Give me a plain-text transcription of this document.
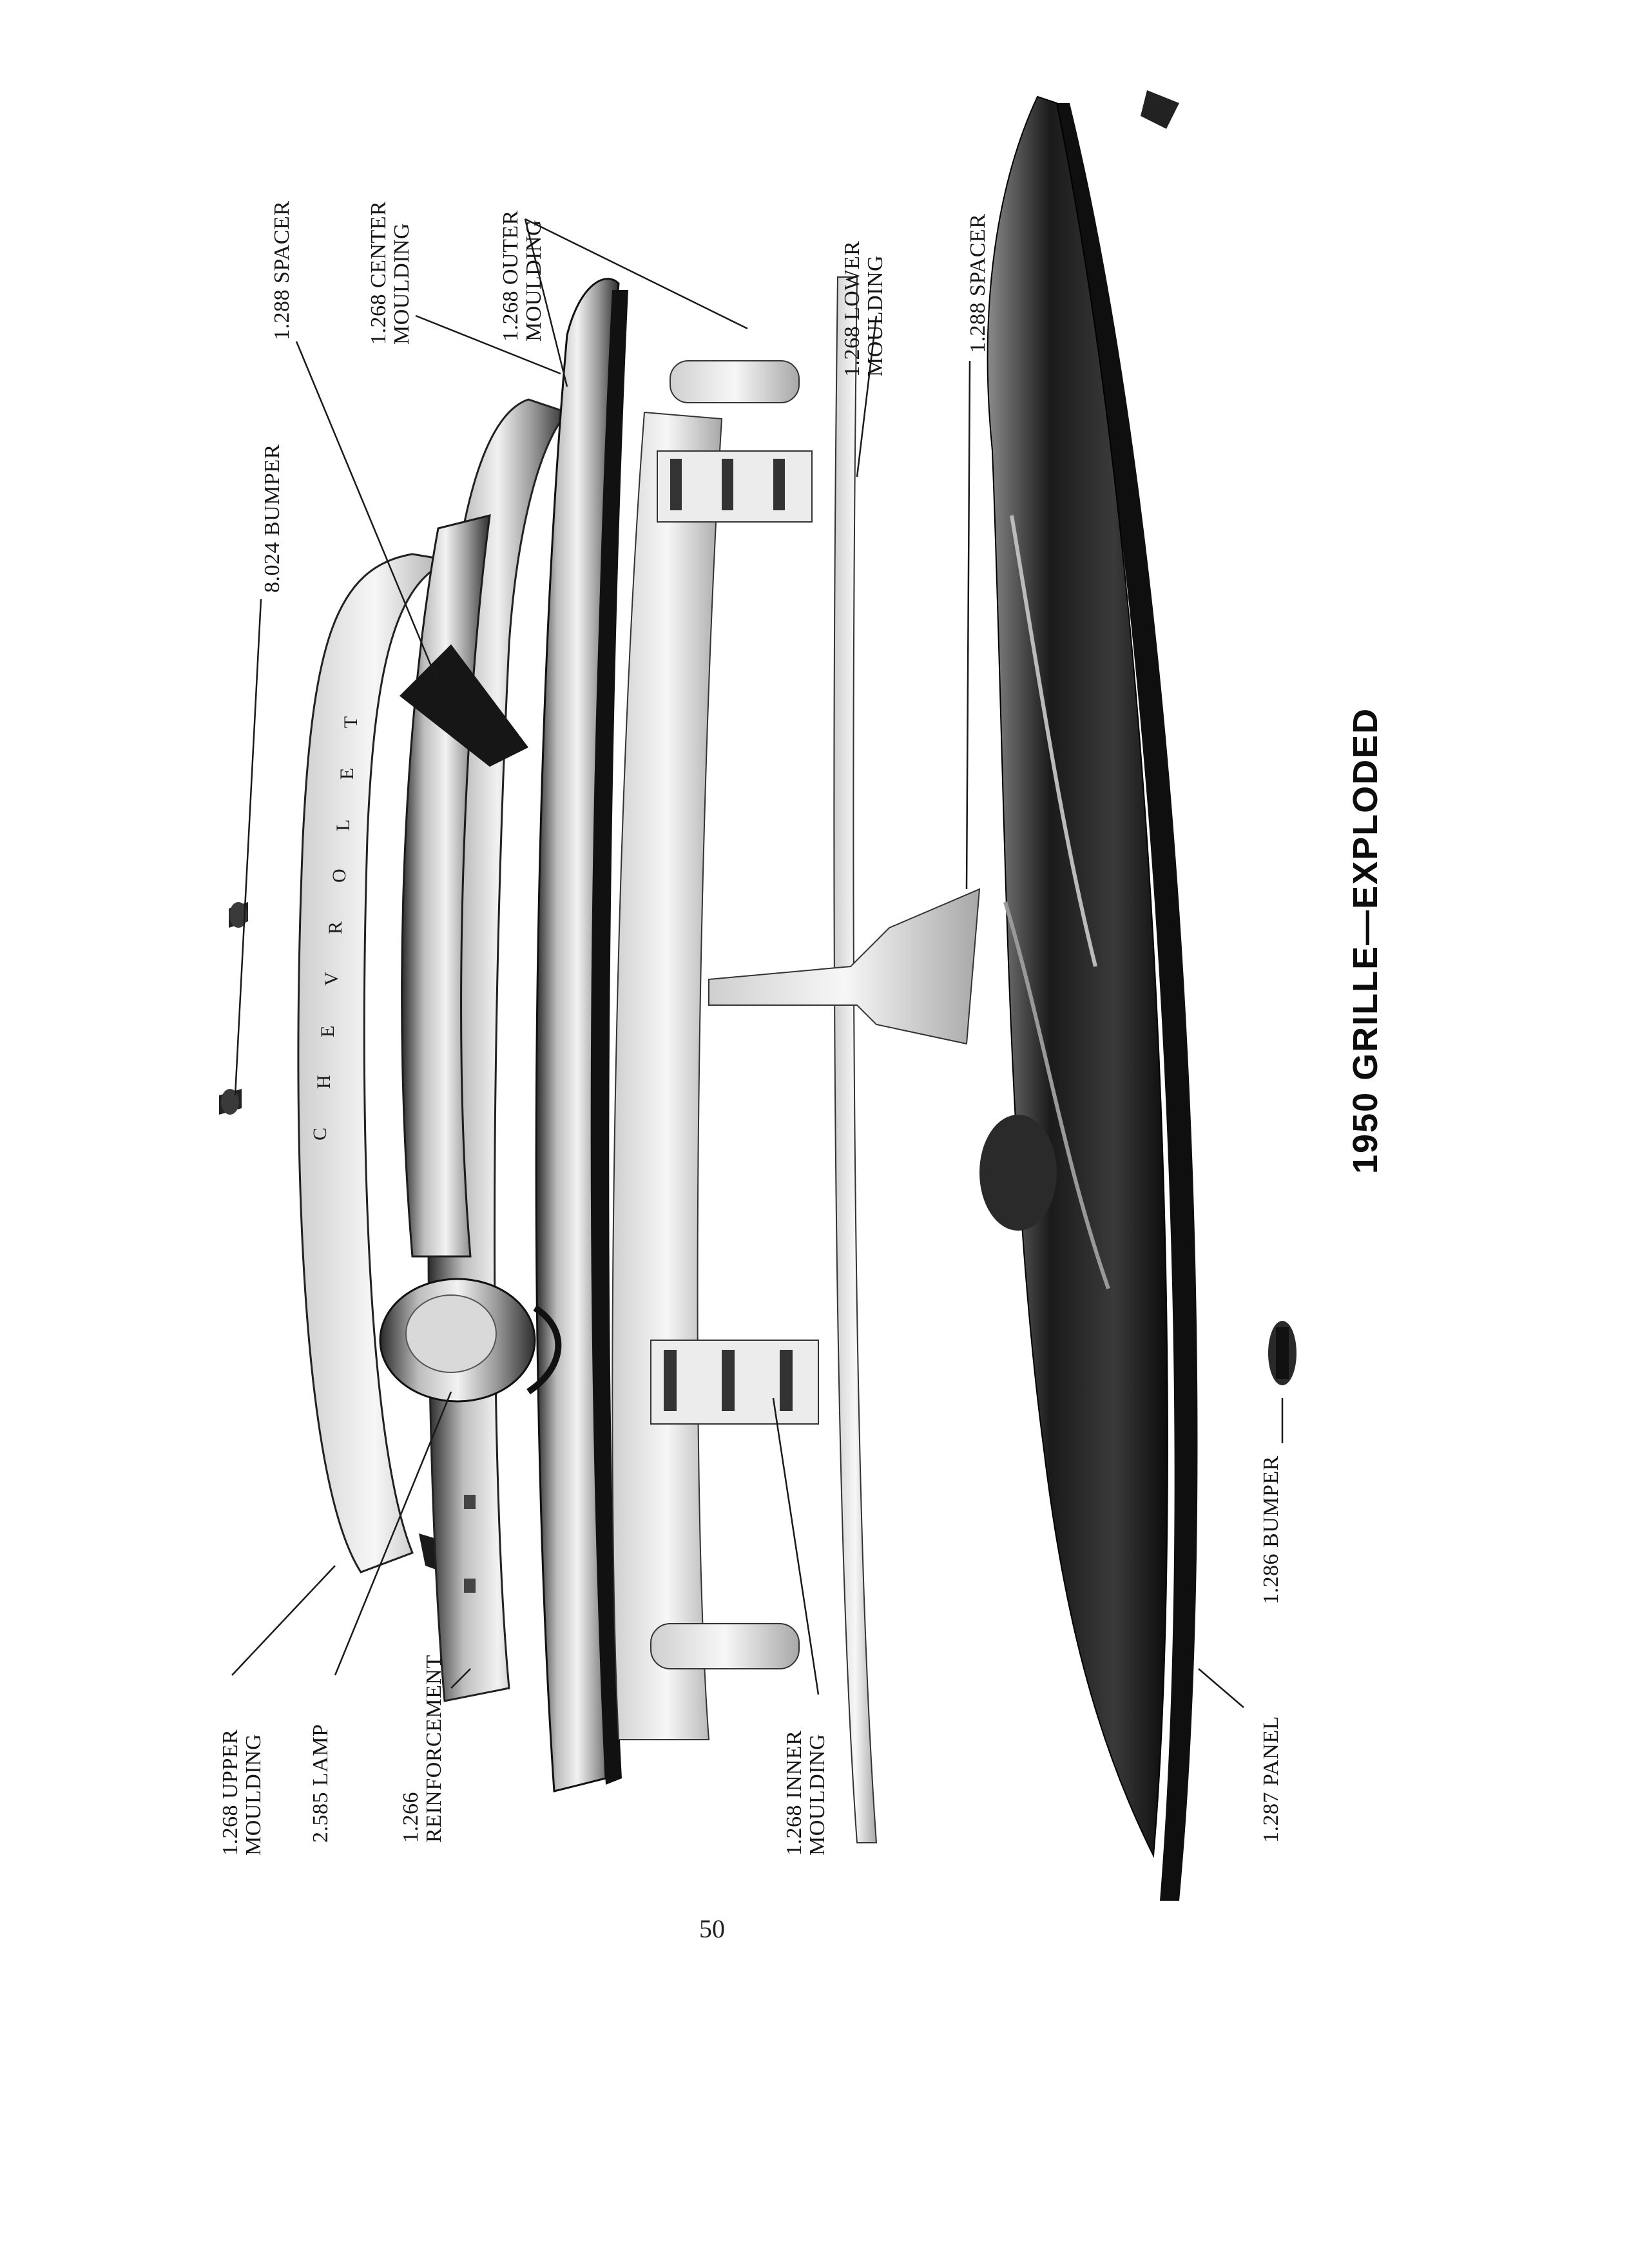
C
H
E
V
R
O
L
E
T
1.288 SPACER	1.268 CENTER MOULDING	1.268 OUTER MOULDING	1.268 LOWER MOULDING	1.288 SPACER
8.024 BUMPER
1.268 UPPER MOULDING 2.585 LAMP	1.266 REINFORCEMENT	1.268 INNER MOULDING
1.286 BUMPER
1.287 PANEL
1950 GRILLE—EXPLODED
50
